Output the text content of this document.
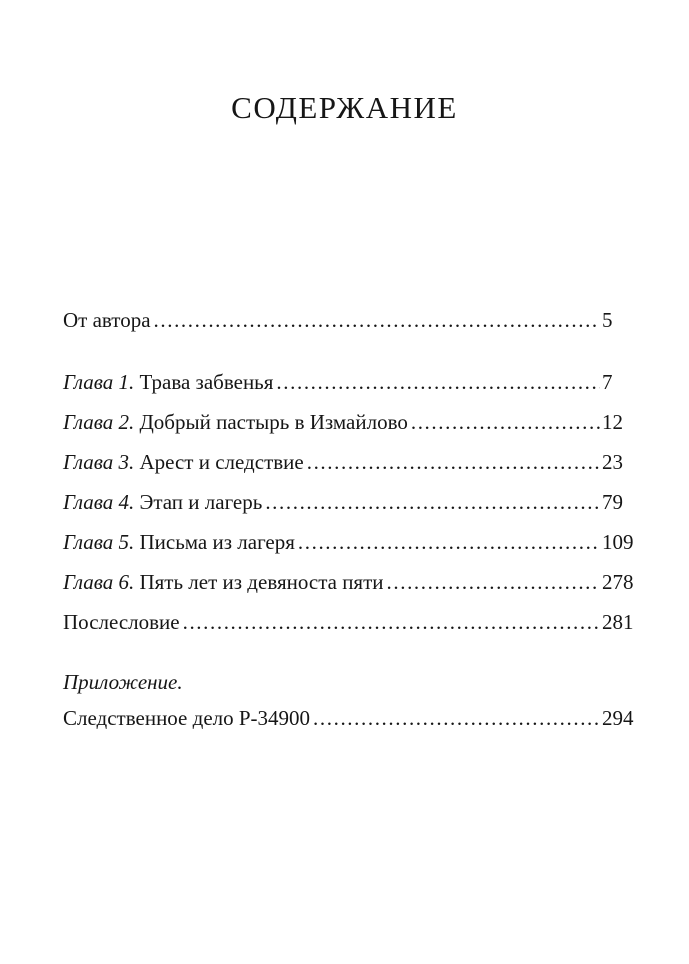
СОДЕРЖАНИЕ
От автора .....	5
Глава 1. Трава забвенья .....	7
Глава 2. Добрый пастырь в Измайлово .....	12
Глава 3. Арест и следствие .....	23
Глава 4. Этап и лагерь .....	79
Глава 5. Письма из лагеря .....	109
Глава 6. Пять лет из девяноста пяти .....	278
Послесловие .....	281
Приложение.
Следственное дело Р-34900 .....	294
